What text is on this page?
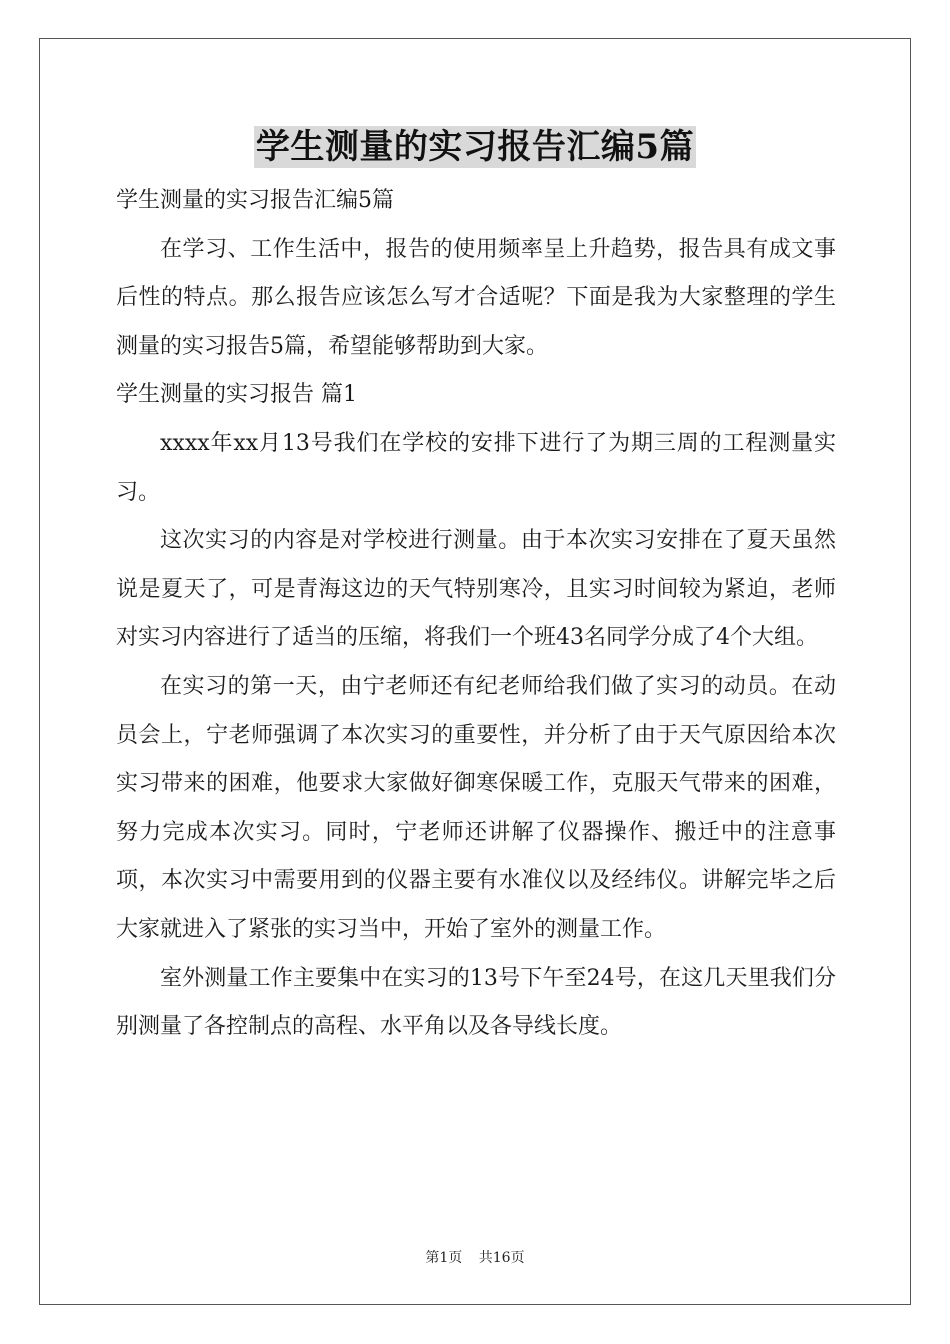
学生测量的实习报告汇编5篇

学生测量的实习报告汇编5篇

在学习、工作生活中，报告的使用频率呈上升趋势，报告具有成文事后性的特点。那么报告应该怎么写才合适呢？下面是我为大家整理的学生测量的实习报告5篇，希望能够帮助到大家。

学生测量的实习报告 篇1

xxxx年xx月13号我们在学校的安排下进行了为期三周的工程测量实习。

这次实习的内容是对学校进行测量。由于本次实习安排在了夏天虽然说是夏天了，可是青海这边的天气特别寒冷，且实习时间较为紧迫，老师对实习内容进行了适当的压缩，将我们一个班43名同学分成了4个大组。

在实习的第一天，由宁老师还有纪老师给我们做了实习的动员。在动员会上，宁老师强调了本次实习的重要性，并分析了由于天气原因给本次实习带来的困难，他要求大家做好御寒保暖工作，克服天气带来的困难，努力完成本次实习。同时，宁老师还讲解了仪器操作、搬迁中的注意事项，本次实习中需要用到的仪器主要有水准仪以及经纬仪。讲解完毕之后大家就进入了紧张的实习当中，开始了室外的测量工作。

室外测量工作主要集中在实习的13号下午至24号，在这几天里我们分别测量了各控制点的高程、水平角以及各导线长度。

第1页 共16页
